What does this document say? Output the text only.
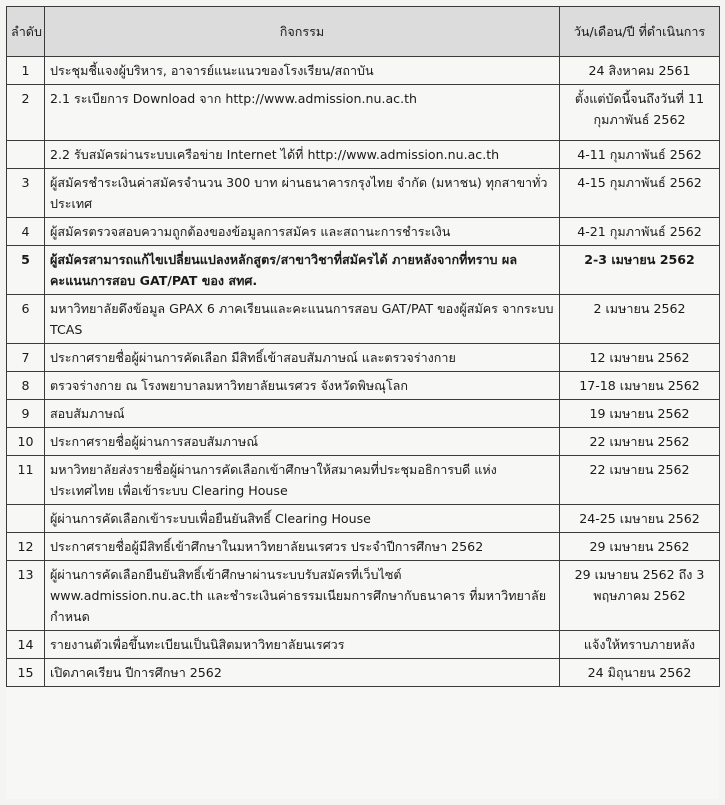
ลำดับ	กิจกรรม	วัน/เดือน/ปี ที่ดำเนินการ
1	ประชุมชี้แจงผู้บริหาร, อาจารย์แนะแนวของโรงเรียน/สถาบัน	24 สิงหาคม 2561
2	2.1 ระเบียการ Download จาก http://www.admission.nu.ac.th	ตั้งแต่บัดนี้จนถึงวันที่ 11 กุมภาพันธ์ 2562
	2.2 รับสมัครผ่านระบบเครือข่าย Internet ได้ที่ http://www.admission.nu.ac.th	4-11 กุมภาพันธ์ 2562
3	ผู้สมัครชำระเงินค่าสมัครจำนวน 300 บาท ผ่านธนาคารกรุงไทย จำกัด (มหาชน) ทุกสาขาทั่วประเทศ	4-15 กุมภาพันธ์ 2562
4	ผู้สมัครตรวจสอบความถูกต้องของข้อมูลการสมัคร และสถานะการชำระเงิน	4-21 กุมภาพันธ์ 2562
5	ผู้สมัครสามารถแก้ไขเปลี่ยนแปลงหลักสูตร/สาขาวิชาที่สมัครได้ ภายหลังจากที่ทราบ ผลคะแนนการสอบ GAT/PAT ของ สทศ.	2-3 เมษายน 2562
6	มหาวิทยาลัยดึงข้อมูล GPAX 6 ภาคเรียนและคะแนนการสอบ GAT/PAT ของผู้สมัคร จากระบบ TCAS	2 เมษายน 2562
7	ประกาศรายชื่อผู้ผ่านการคัดเลือก มีสิทธิ์เข้าสอบสัมภาษณ์ และตรวจร่างกาย	12 เมษายน 2562
8	ตรวจร่างกาย ณ โรงพยาบาลมหาวิทยาลัยนเรศวร จังหวัดพิษณุโลก	17-18 เมษายน 2562
9	สอบสัมภาษณ์	19 เมษายน 2562
10	ประกาศรายชื่อผู้ผ่านการสอบสัมภาษณ์	22 เมษายน 2562
11	มหาวิทยาลัยส่งรายชื่อผู้ผ่านการคัดเลือกเข้าศึกษาให้สมาคมที่ประชุมอธิการบดี แห่งประเทศไทย เพื่อเข้าระบบ Clearing House	22 เมษายน 2562
	ผู้ผ่านการคัดเลือกเข้าระบบเพื่อยืนยันสิทธิ์ Clearing House	24-25 เมษายน 2562
12	ประกาศรายชื่อผู้มีสิทธิ์เข้าศึกษาในมหาวิทยาลัยนเรศวร ประจำปีการศึกษา 2562	29 เมษายน 2562
13	ผู้ผ่านการคัดเลือกยืนยันสิทธิ์เข้าศึกษาผ่านระบบรับสมัครที่เว็บไซต์ www.admission.nu.ac.th และชำระเงินค่าธรรมเนียมการศึกษากับธนาคาร ที่มหาวิทยาลัยกำหนด	29 เมษายน 2562 ถึง 3 พฤษภาคม 2562
14	รายงานตัวเพื่อขึ้นทะเบียนเป็นนิสิตมหาวิทยาลัยนเรศวร	แจ้งให้ทราบภายหลัง
15	เปิดภาคเรียน ปีการศึกษา 2562	24 มิถุนายน 2562
